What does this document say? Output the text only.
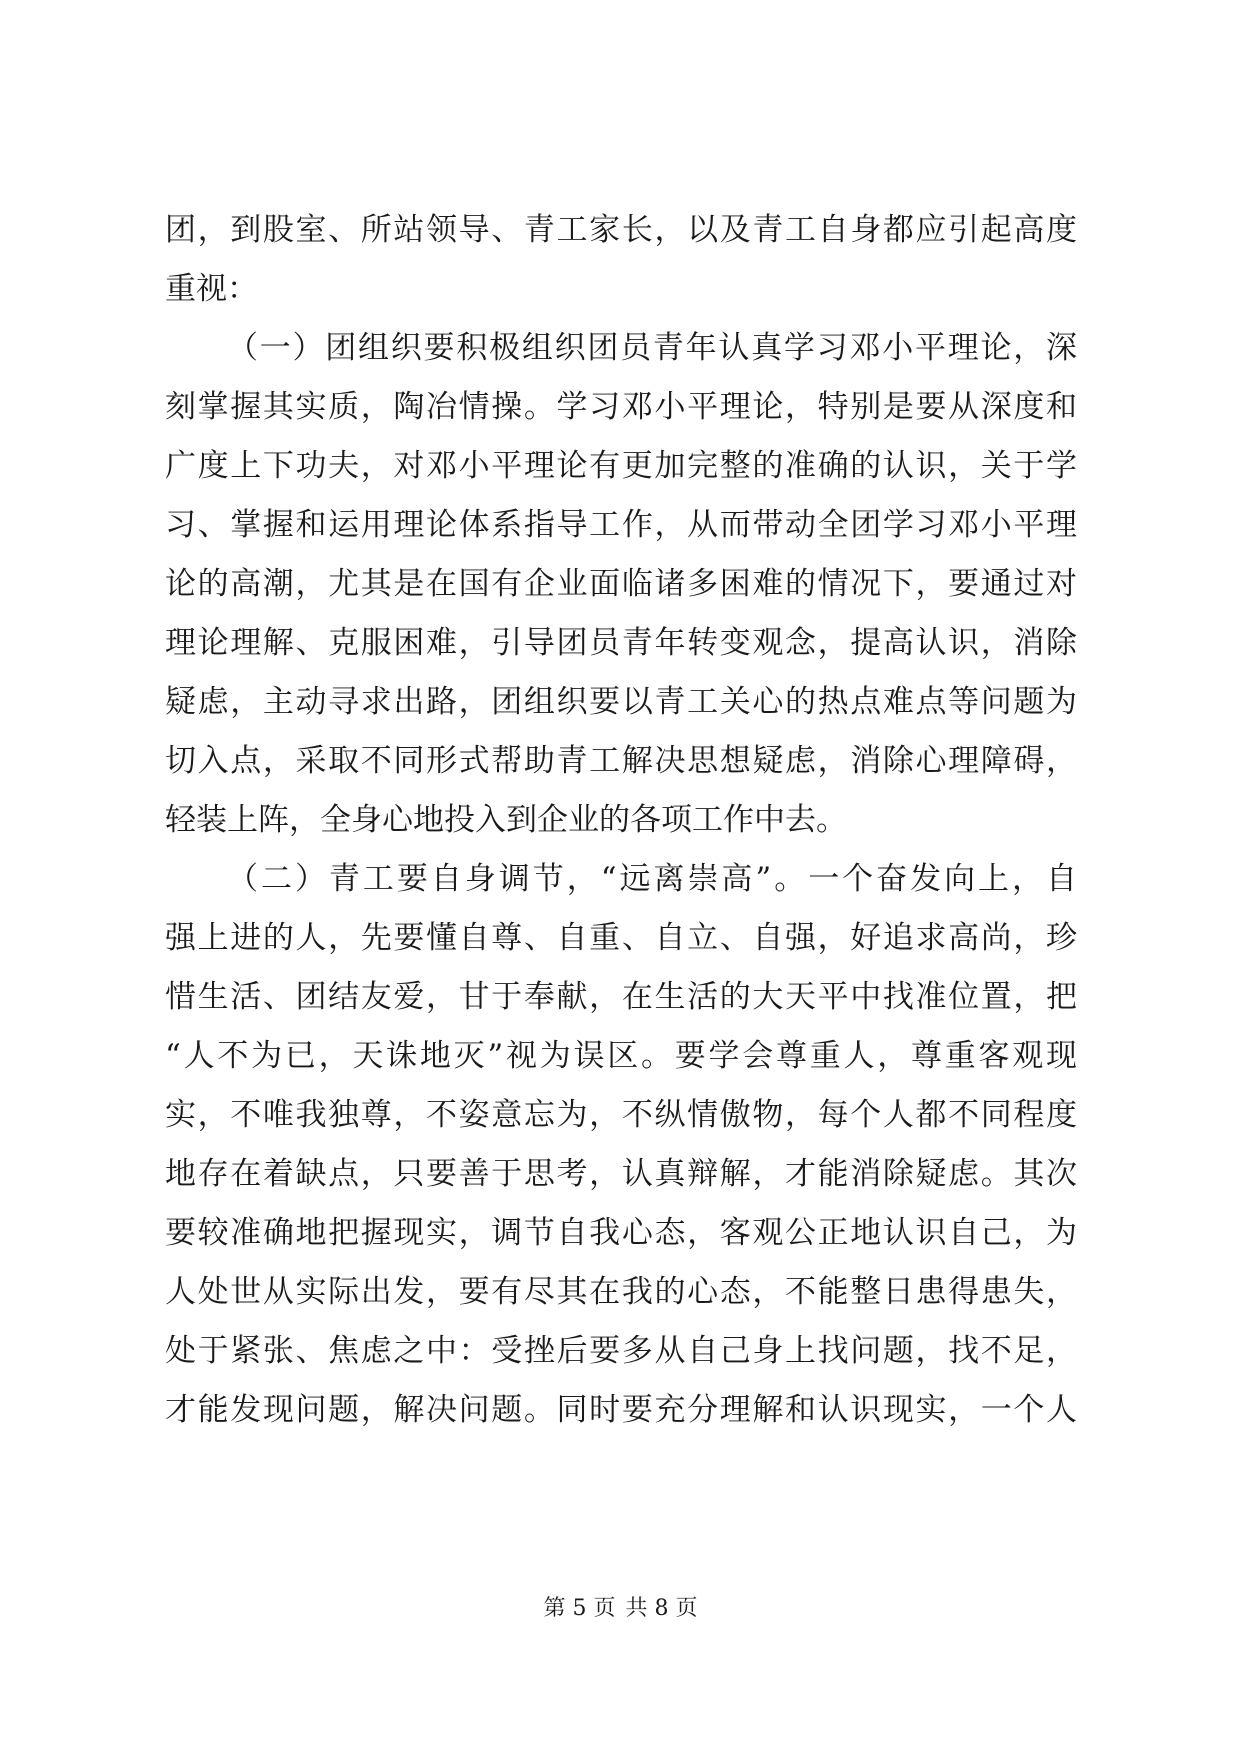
团，到股室、所站领导、青工家长，以及青工自身都应引起高度
重视：
（一）团组织要积极组织团员青年认真学习邓小平理论，深
刻掌握其实质，陶冶情操。学习邓小平理论，特别是要从深度和
广度上下功夫，对邓小平理论有更加完整的准确的认识，关于学
习、掌握和运用理论体系指导工作，从而带动全团学习邓小平理
论的高潮，尤其是在国有企业面临诸多困难的情况下，要通过对
理论理解、克服困难，引导团员青年转变观念，提高认识，消除
疑虑，主动寻求出路，团组织要以青工关心的热点难点等问题为
切入点，采取不同形式帮助青工解决思想疑虑，消除心理障碍，
轻装上阵，全身心地投入到企业的各项工作中去。
（二）青工要自身调节，“远离崇高”。一个奋发向上，自
强上进的人，先要懂自尊、自重、自立、自强，好追求高尚，珍
惜生活、团结友爱，甘于奉献，在生活的大天平中找准位置，把
“人不为已，天诛地灭”视为误区。要学会尊重人，尊重客观现
实，不唯我独尊，不姿意忘为，不纵情傲物，每个人都不同程度
地存在着缺点，只要善于思考，认真辩解，才能消除疑虑。其次
要较准确地把握现实，调节自我心态，客观公正地认识自己，为
人处世从实际出发，要有尽其在我的心态，不能整日患得患失，
处于紧张、焦虑之中：受挫后要多从自己身上找问题，找不足，
才能发现问题，解决问题。同时要充分理解和认识现实，一个人
第 5 页 共 8 页
